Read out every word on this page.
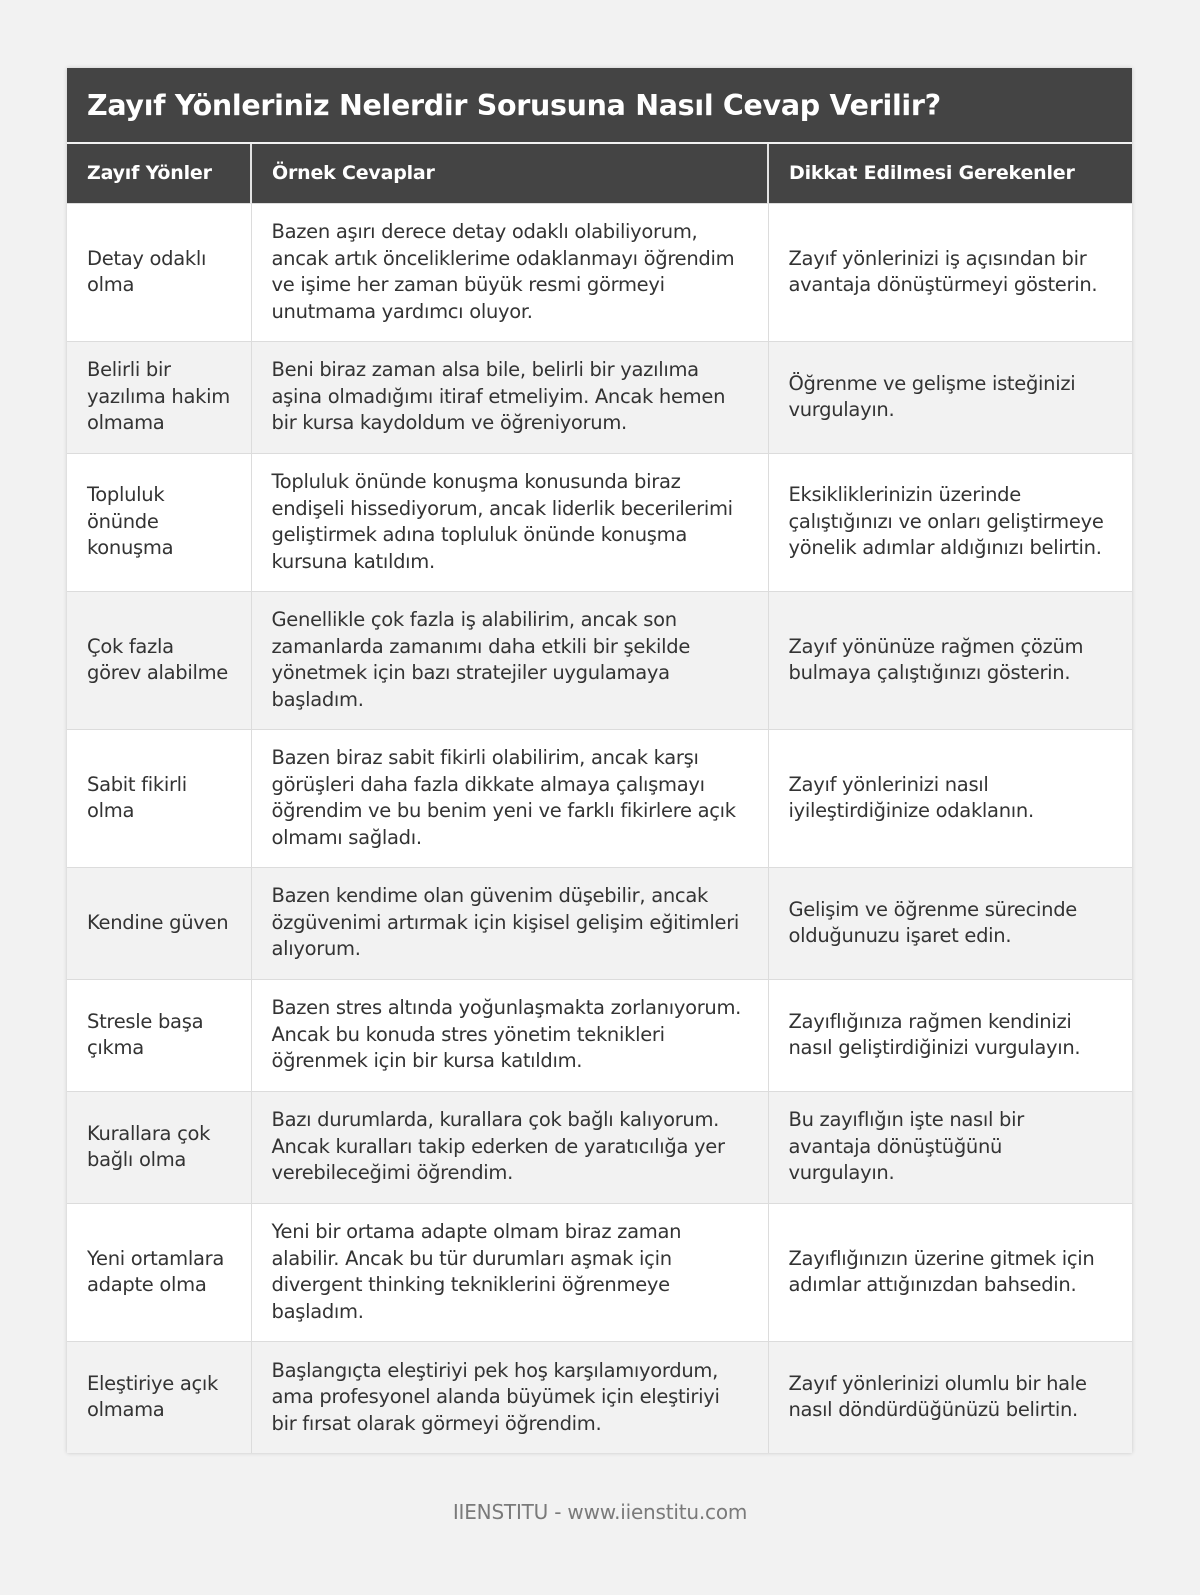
Zayıf Yönleriniz Nelerdir Sorusuna Nasıl Cevap Verilir?
Zayıf Yönler	Örnek Cevaplar	Dikkat Edilmesi Gerekenler
Detay odaklı olma	Bazen aşırı derece detay odaklı olabiliyorum, ancak artık önceliklerime odaklanmayı öğrendim ve işime her zaman büyük resmi görmeyi unutmama yardımcı oluyor.	Zayıf yönlerinizi iş açısından bir avantaja dönüştürmeyi gösterin.
Belirli bir yazılıma hakim olmama	Beni biraz zaman alsa bile, belirli bir yazılıma aşina olmadığımı itiraf etmeliyim. Ancak hemen bir kursa kaydoldum ve öğreniyorum.	Öğrenme ve gelişme isteğinizi vurgulayın.
Topluluk önünde konuşma	Topluluk önünde konuşma konusunda biraz endişeli hissediyorum, ancak liderlik becerilerimi geliştirmek adına topluluk önünde konuşma kursuna katıldım.	Eksikliklerinizin üzerinde çalıştığınızı ve onları geliştirmeye yönelik adımlar aldığınızı belirtin.
Çok fazla görev alabilme	Genellikle çok fazla iş alabilirim, ancak son zamanlarda zamanımı daha etkili bir şekilde yönetmek için bazı stratejiler uygulamaya başladım.	Zayıf yönünüze rağmen çözüm bulmaya çalıştığınızı gösterin.
Sabit fikirli olma	Bazen biraz sabit fikirli olabilirim, ancak karşı görüşleri daha fazla dikkate almaya çalışmayı öğrendim ve bu benim yeni ve farklı fikirlere açık olmamı sağladı.	Zayıf yönlerinizi nasıl iyileştirdiğinize odaklanın.
Kendine güven	Bazen kendime olan güvenim düşebilir, ancak özgüvenimi artırmak için kişisel gelişim eğitimleri alıyorum.	Gelişim ve öğrenme sürecinde olduğunuzu işaret edin.
Stresle başa çıkma	Bazen stres altında yoğunlaşmakta zorlanıyorum. Ancak bu konuda stres yönetim teknikleri öğrenmek için bir kursa katıldım.	Zayıflığınıza rağmen kendinizi nasıl geliştirdiğinizi vurgulayın.
Kurallara çok bağlı olma	Bazı durumlarda, kurallara çok bağlı kalıyorum. Ancak kuralları takip ederken de yaratıcılığa yer verebileceğimi öğrendim.	Bu zayıflığın işte nasıl bir avantaja dönüştüğünü vurgulayın.
Yeni ortamlara adapte olma	Yeni bir ortama adapte olmam biraz zaman alabilir. Ancak bu tür durumları aşmak için divergent thinking tekniklerini öğrenmeye başladım.	Zayıflığınızın üzerine gitmek için adımlar attığınızdan bahsedin.
Eleştiriye açık olmama	Başlangıçta eleştiriyi pek hoş karşılamıyordum, ama profesyonel alanda büyümek için eleştiriyi bir fırsat olarak görmeyi öğrendim.	Zayıf yönlerinizi olumlu bir hale nasıl döndürdüğünüzü belirtin.
IIENSTITU - www.iienstitu.com
